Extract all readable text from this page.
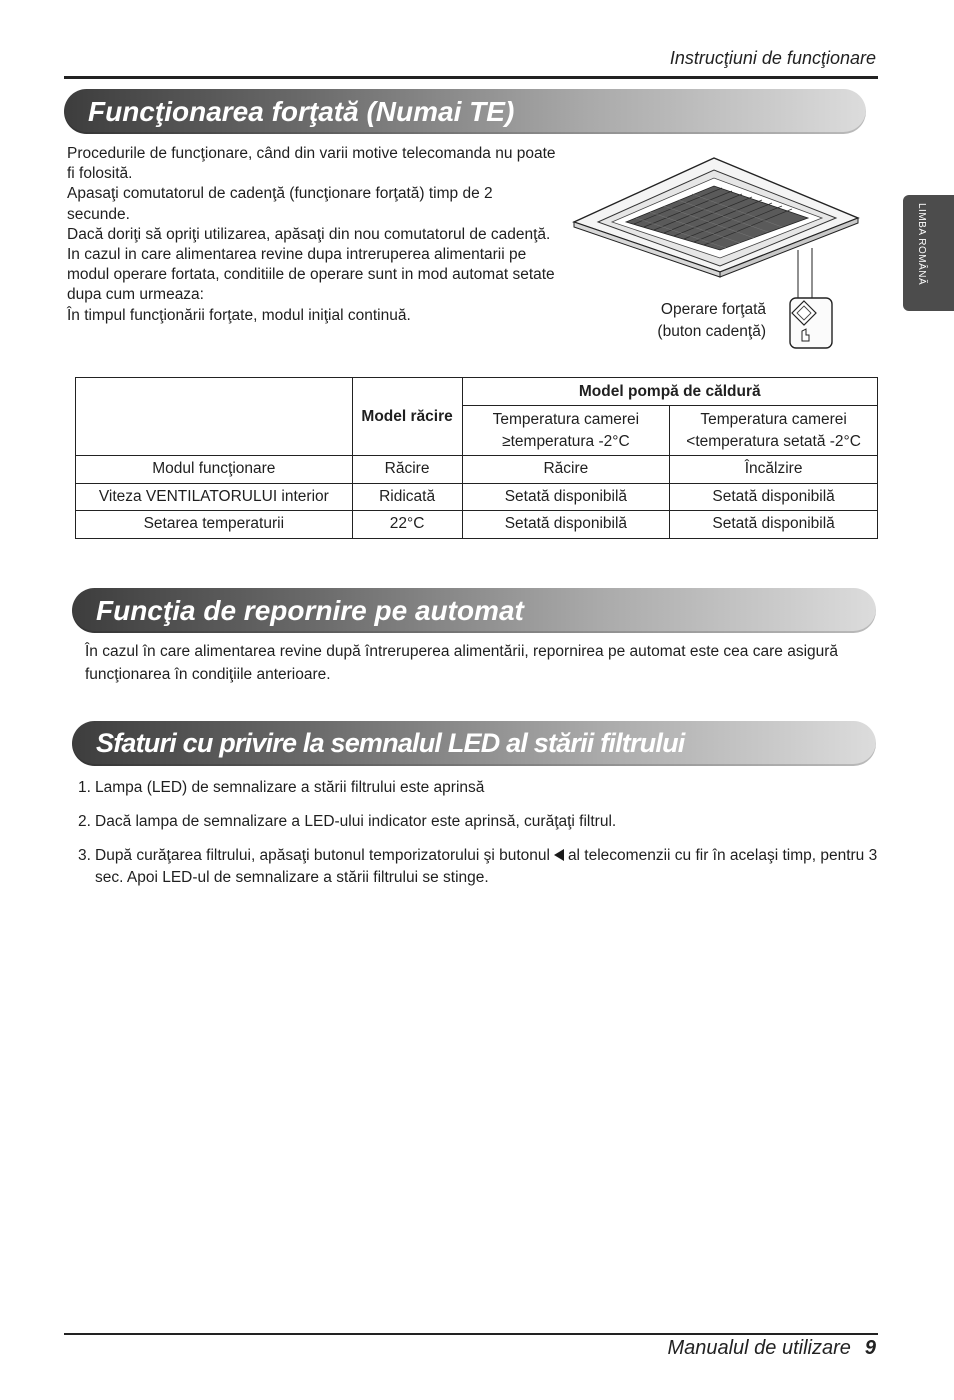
Instrucţiuni de funcţionare
LIMBA ROMÂNĂ
Funcţionarea forţată (Numai TE)

Procedurile de funcţionare, când din varii motive telecomanda nu poate fi folosită.

Apasaţi comutatorul de cadenţă (funcţionare forţată) timp de 2 secunde.

Dacă doriţi să opriţi utilizarea, apăsaţi din nou comutatorul de cadenţă.

In cazul in care alimentarea revine dupa intreruperea alimentarii pe modul operare fortata, conditiile de operare sunt in mod automat setate dupa cum urmeaza:

În timpul funcţionării forţate, modul iniţial continuă.	Operare forţată
(buton cadenţă)
	Model răcire	Model pompă de căldură	
		Temperatura camerei ≥temperatura -2°C	Temperatura camerei <temperatura setată -2°C
Modul funcţionare	Răcire	Răcire	Încălzire
Viteza VENTILATORULUI interior	Ridicată	Setată disponibilă	Setată disponibilă
Setarea temperaturii	22°C	Setată disponibilă	Setată disponibilă
Funcţia de repornire pe automat
În cazul în care alimentarea revine după întreruperea alimentării, repornirea pe automat este cea care asigură funcţionarea în condiţiile anterioare.
Sfaturi cu privire la semnalul LED al stării filtrului
1. Lampa (LED) de semnalizare a stării filtrului este aprinsă
2. Dacă lampa de semnalizare a LED-ului indicator este aprinsă, curăţaţi filtrul.
3. După curăţarea filtrului, apăsaţi butonul temporizatorului şi butonul al telecomenzii cu fir în acelaşi timp, pentru 3 sec. Apoi LED-ul de semnalizare a stării filtrului se stinge.
Manualul de utilizare 9
